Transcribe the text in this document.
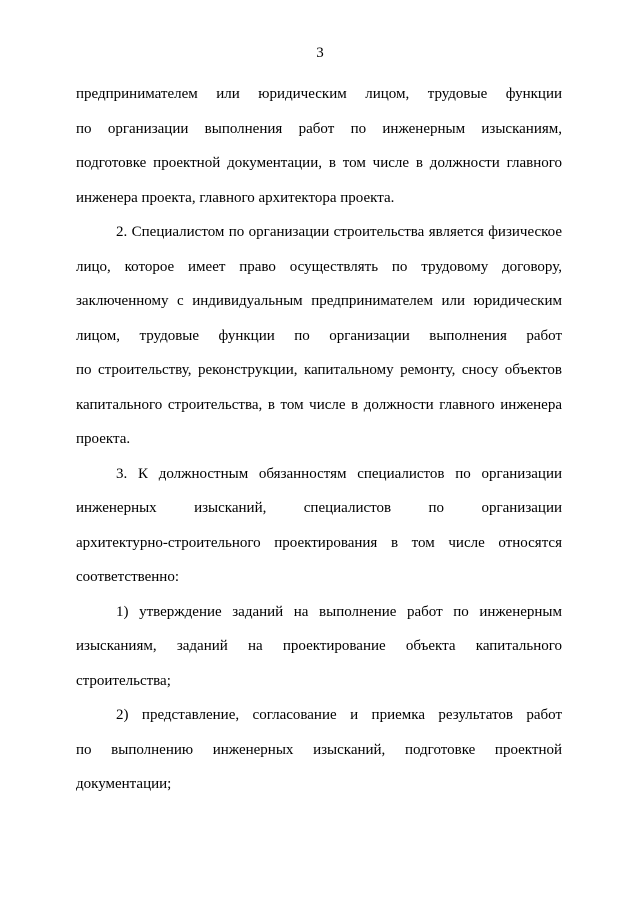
3
предпринимателем или юридическим лицом, трудовые функции
по организации выполнения работ по инженерным изысканиям,
подготовке проектной документации, в том числе в должности главного
инженера проекта, главного архитектора проекта.
2. Специалистом по организации строительства является физическое
лицо, которое имеет право осуществлять по трудовому договору,
заключенному с индивидуальным предпринимателем или юридическим
лицом, трудовые функции по организации выполнения работ
по строительству, реконструкции, капитальному ремонту, сносу объектов
капитального строительства, в том числе в должности главного инженера
проекта.
3. К должностным обязанностям специалистов по организации
инженерных изысканий, специалистов по организации
архитектурно-строительного проектирования в том числе относятся
соответственно:
1) утверждение заданий на выполнение работ по инженерным
изысканиям, заданий на проектирование объекта капитального
строительства;
2) представление, согласование и приемка результатов работ
по выполнению инженерных изысканий, подготовке проектной
документации;
